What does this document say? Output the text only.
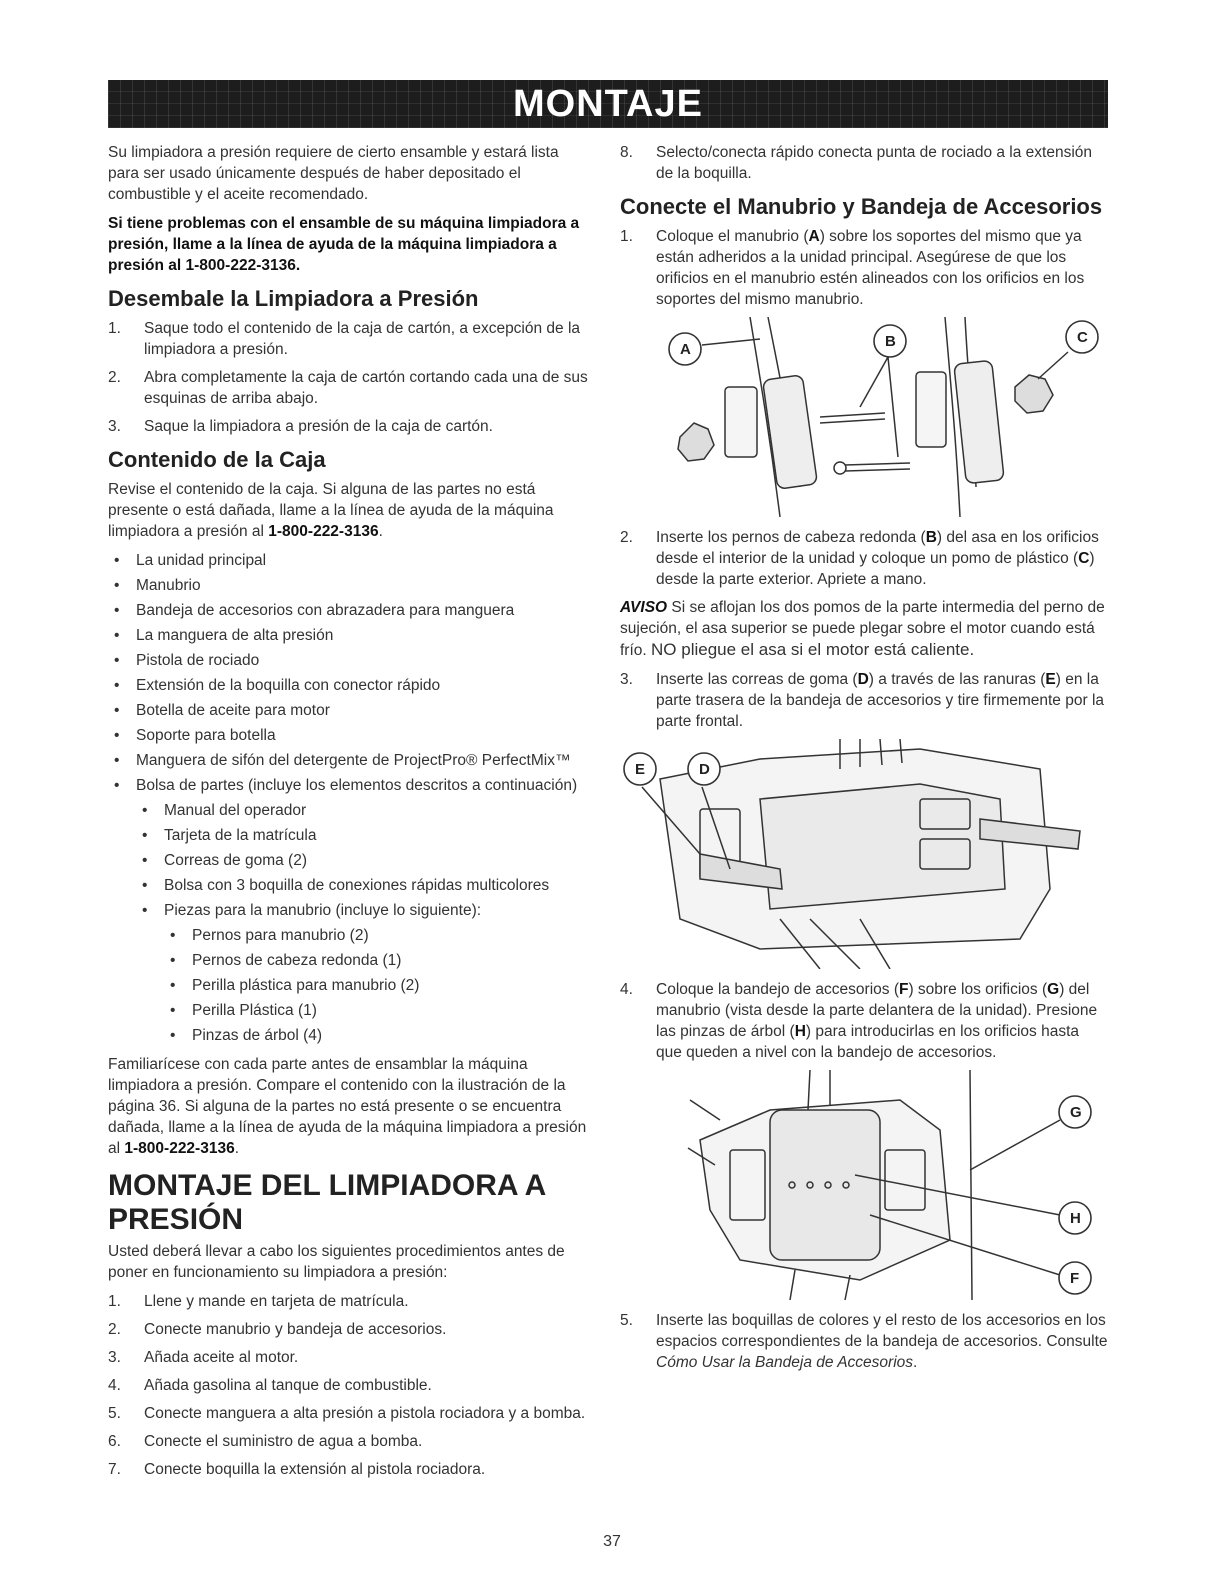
MONTAJE

Su limpiadora a presión requiere de cierto ensamble y estará lista para ser usado únicamente después de haber depositado el combustible y el aceite recomendado.

Si tiene problemas con el ensamble de su máquina limpiadora a presión, llame a la línea de ayuda de la máquina limpiadora a presión al 1-800-222-3136.

Desembale la Limpiadora a Presión
1. Saque todo el contenido de la caja de cartón, a excepción de la limpiadora a presión.
2. Abra completamente la caja de cartón cortando cada una de sus esquinas de arriba abajo.
3. Saque la limpiadora a presión de la caja de cartón.
Contenido de la Caja

Revise el contenido de la caja. Si alguna de las partes no está presente o está dañada, llame a la línea de ayuda de la máquina limpiadora a presión al 1-800-222-3136.

• La unidad principal
• Manubrio
• Bandeja de accesorios con abrazadera para manguera
• La manguera de alta presión
• Pistola de rociado
• Extensión de la boquilla con conector rápido
• Botella de aceite para motor
• Soporte para botella
• Manguera de sifón del detergente de ProjectPro® PerfectMix™
• Bolsa de partes (incluye los elementos descritos a continuación)
• Manual del operador
• Tarjeta de la matrícula
• Correas de goma (2)
• Bolsa con 3 boquilla de conexiones rápidas multicolores
• Piezas para la manubrio (incluye lo siguiente):
• Pernos para manubrio (2)
• Pernos de cabeza redonda (1)
• Perilla plástica para manubrio (2)
• Perilla Plástica (1)
• Pinzas de árbol (4)

Familiarícese con cada parte antes de ensamblar la máquina limpiadora a presión. Compare el contenido con la ilustración de la página 36. Si alguna de la partes no está presente o se encuentra dañada, llame a la línea de ayuda de la máquina limpiadora a presión al 1-800-222-3136.

MONTAJE DEL LIMPIADORA A PRESIÓN

Usted deberá llevar a cabo los siguientes procedimientos antes de poner en funcionamiento su limpiadora a presión:

1. Llene y mande en tarjeta de matrícula.
2. Conecte manubrio y bandeja de accesorios.
3. Añada aceite al motor.
4. Añada gasolina al tanque de combustible.
5. Conecte manguera a alta presión a pistola rociadora y a bomba.
6. Conecte el suministro de agua a bomba.
7. Conecte boquilla la extensión al pistola rociadora.
8. Selecto/conecta rápido conecta punta de rociado a la extensión de la boquilla.
Conecte el Manubrio y Bandeja de Accesorios
1. Coloque el manubrio (A) sobre los soportes del mismo que ya están adheridos a la unidad principal. Asegúrese de que los orificios en el manubrio estén alineados con los orificios en los soportes del mismo manubrio.
A	B	C
2. Inserte los pernos de cabeza redonda (B) del asa en los orificios desde el interior de la unidad y coloque un pomo de plástico (C) desde la parte exterior. Apriete a mano.

AVISO Si se aflojan los dos pomos de la parte intermedia del perno de sujeción, el asa superior se puede plegar sobre el motor cuando está frío. NO pliegue el asa si el motor está caliente.

3. Inserte las correas de goma (D) a través de las ranuras (E) en la parte trasera de la bandeja de accesorios y tire firmemente por la parte frontal.
E	D
4. Coloque la bandejo de accesorios (F) sobre los orificios (G) del manubrio (vista desde la parte delantera de la unidad). Presione las pinzas de árbol (H) para introducirlas en los orificios hasta que queden a nivel con la bandejo de accesorios.
G
H
F
5. Inserte las boquillas de colores y el resto de los accesorios en los espacios correspondientes de la bandeja de accesorios. Consulte Cómo Usar la Bandeja de Accesorios.
37
